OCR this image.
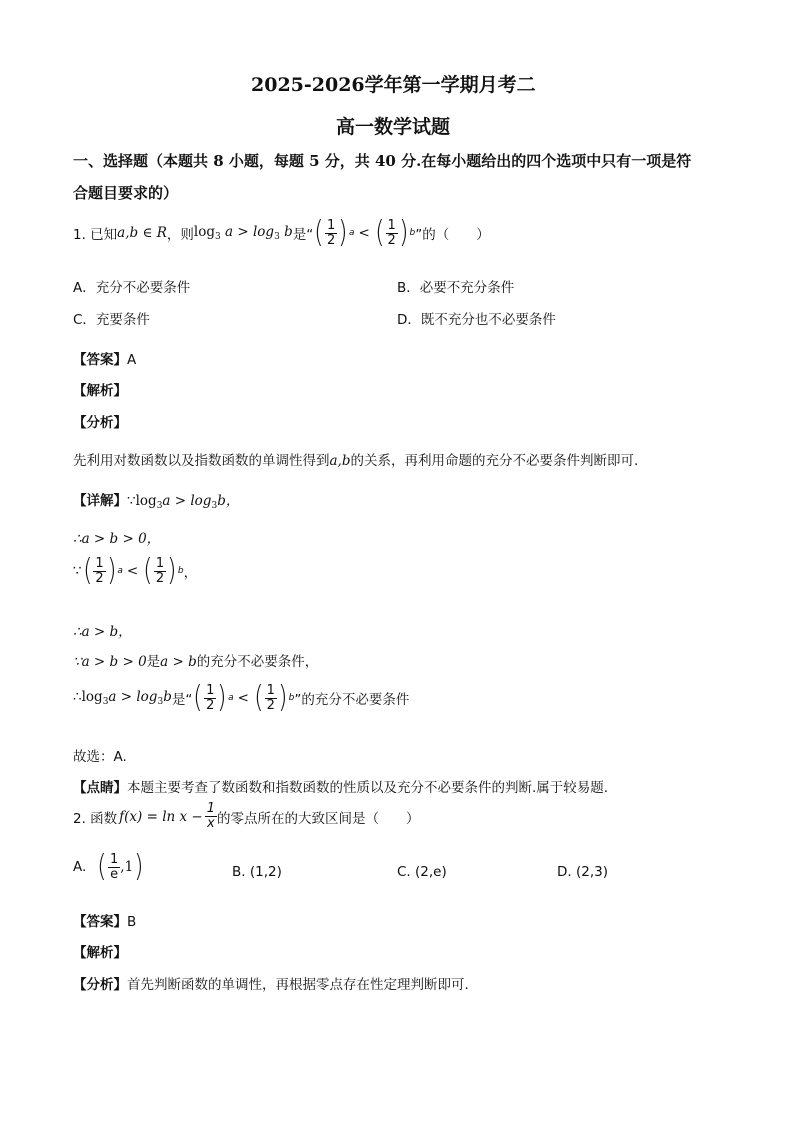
2025-2026学年第一学期月考二
高一数学试题
一、选择题（本题共 8 小题，每题 5 分，共 40 分.在每小题给出的四个选项中只有一项是符
合题目要求的）
1. 已知 a,b ∈ R ，则 $\log_3 a > \log_3 b$ 是“ ( $\frac{1}{2}$ ) a < ( $\frac{1}{2}$ ) b ”的（　　）
A．充分不必要条件	B．必要不充分条件
C．充要条件	D．既不充分也不必要条件
【答案】A
【解析】
【分析】
先利用对数函数以及指数函数的单调性得到a,b的关系，再利用命题的充分不必要条件判断即可.
【详解】$\because\log_3a > \log_3b$，
∴a > b > 0，
∵ ( $\frac{1}{2}$ ) a < ( $\frac{1}{2}$ ) b ，
∴a > b，
∵a > b > 0是a > b的充分不必要条件，
$\therefore\log_3a > \log_3b$ 是“ ( $\frac{1}{2}$ ) a < ( $\frac{1}{2}$ ) b ”的充分不必要条件
故选：A.
【点睛】本题主要考查了数函数和指数函数的性质以及充分不必要条件的判断.属于较易题.
2. 函数 $f(x) = \ln x - \frac{1}{x}$ 的零点所在的大致区间是（　　）
A. ( $\frac{1}{e} ,1$ )	B. (1,2)	C. (2,e)	D. (2,3)
【答案】B
【解析】
【分析】首先判断函数的单调性，再根据零点存在性定理判断即可.
